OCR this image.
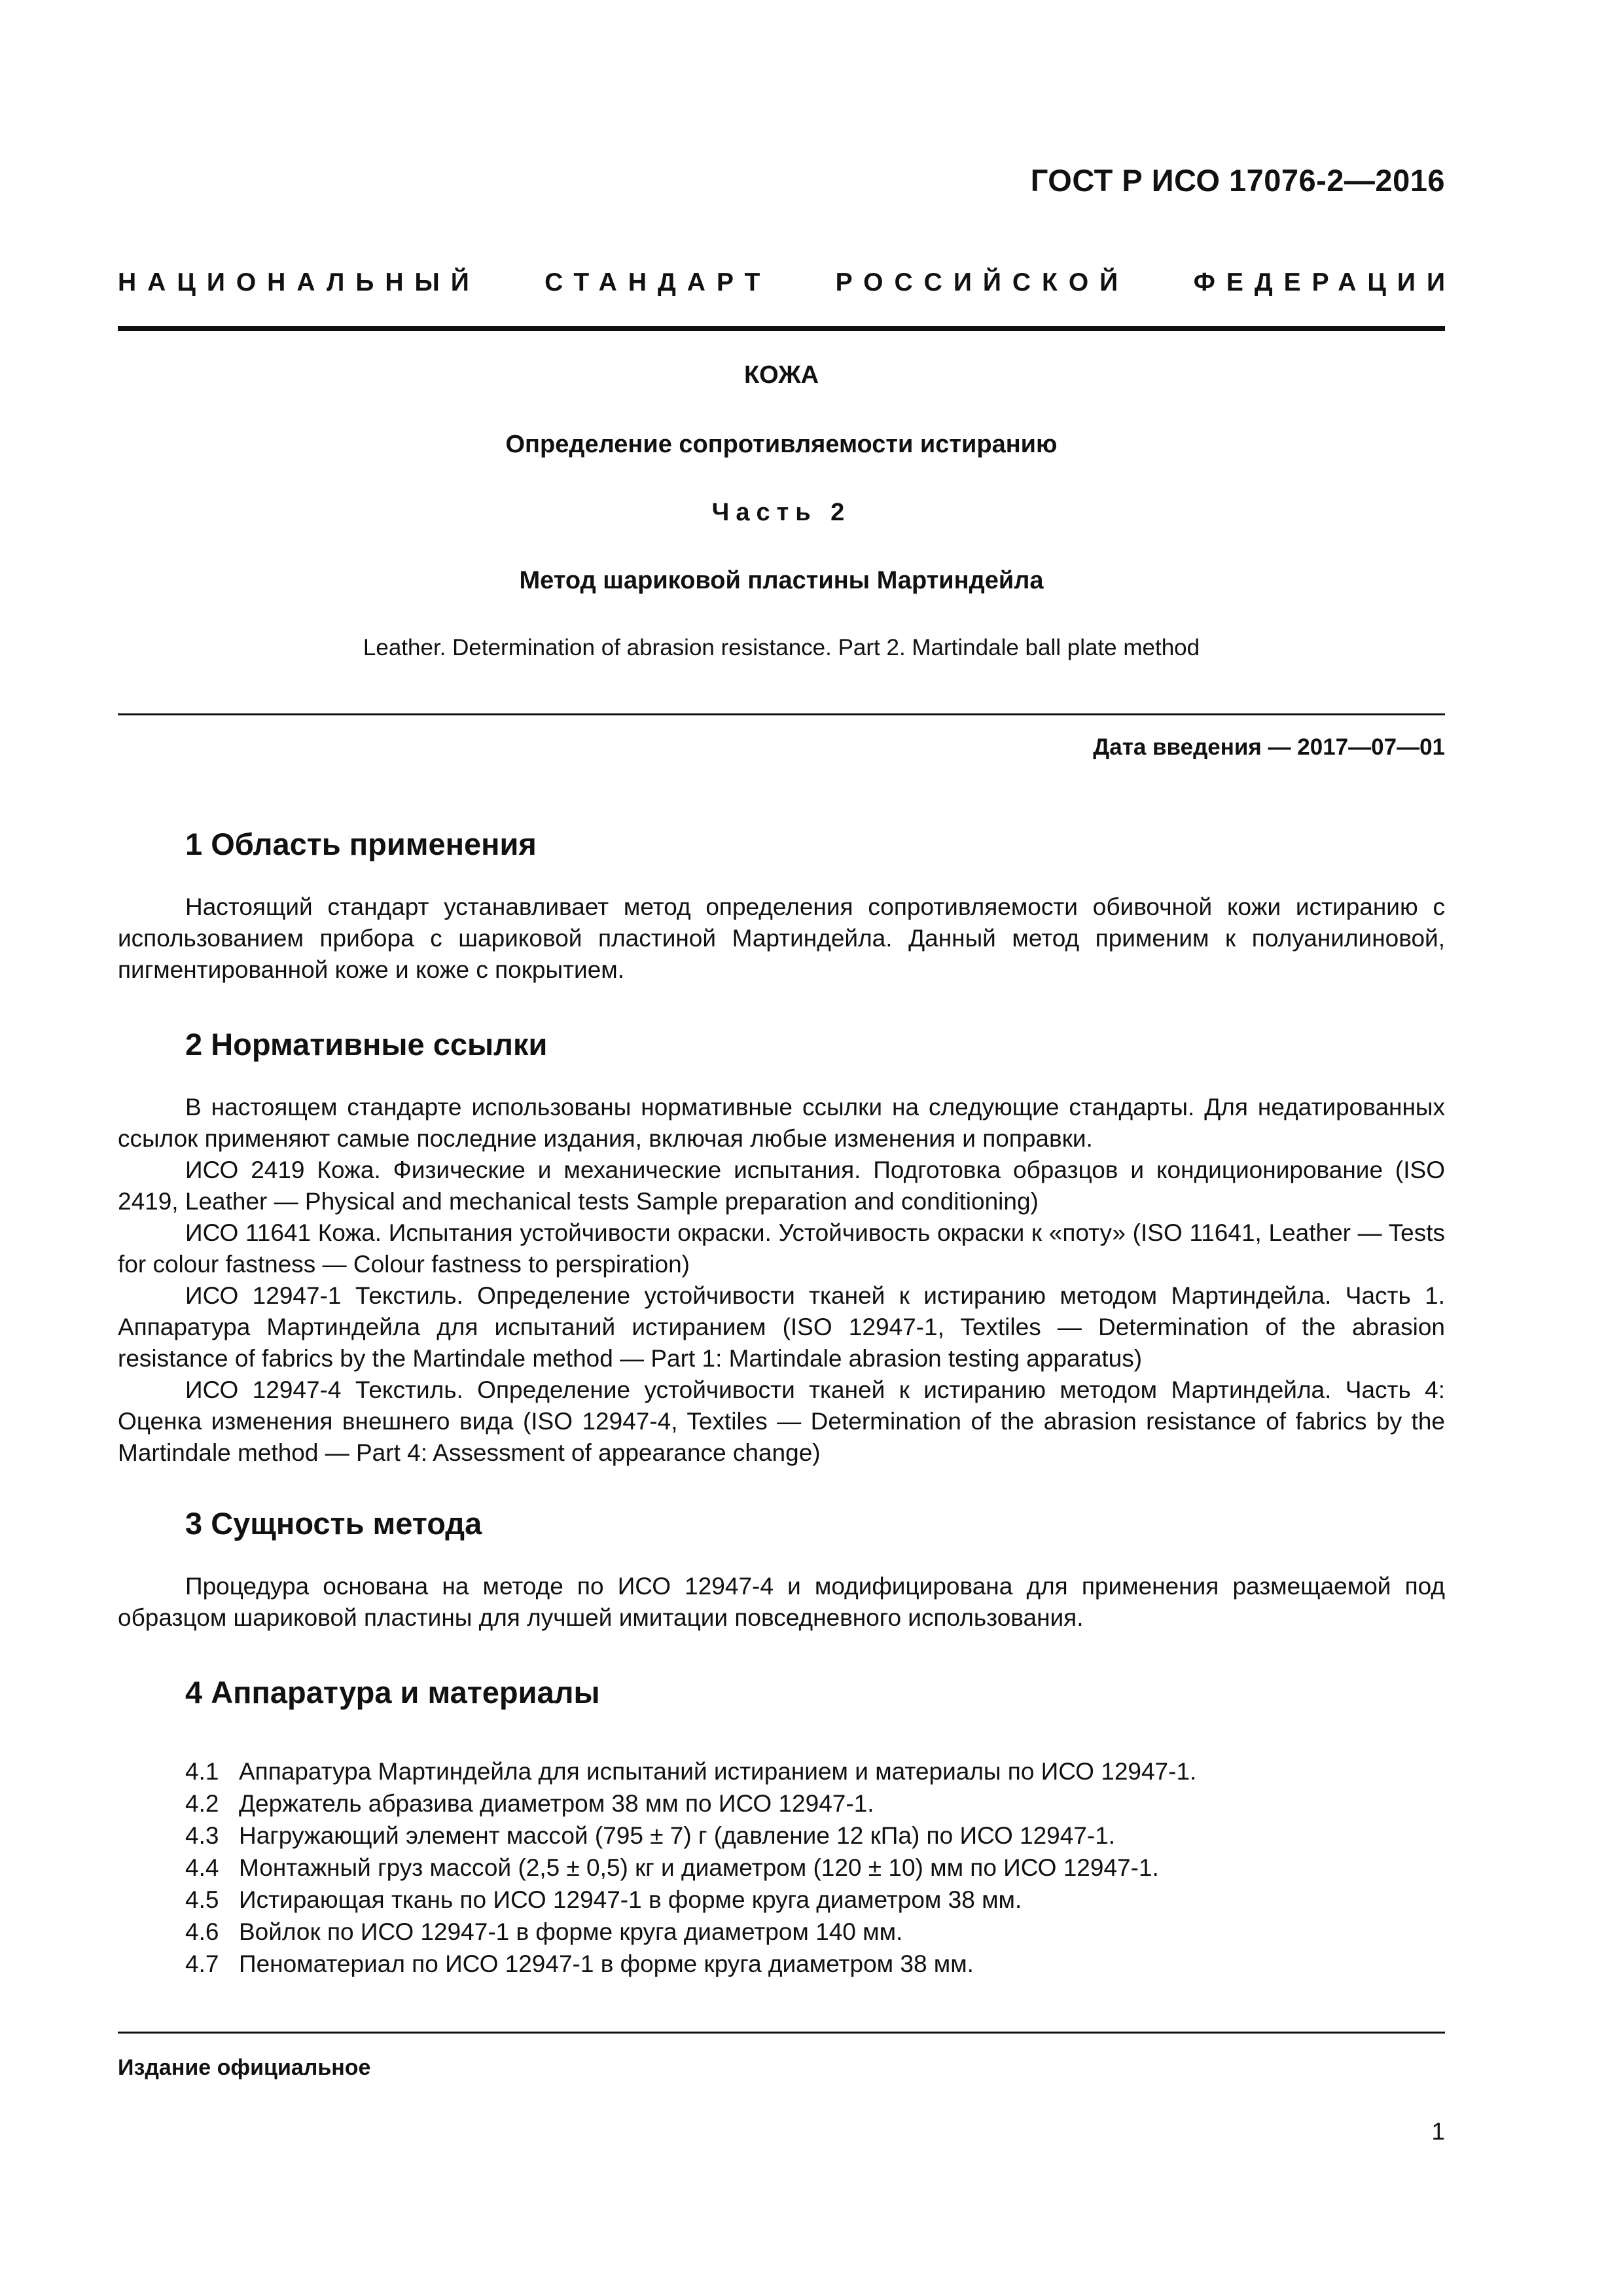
ГОСТ Р ИСО 17076-2—2016
НАЦИОНАЛЬНЫЙ	СТАНДАРТ	РОССИЙСКОЙ	ФЕДЕРАЦИИ
КОЖА
Определение сопротивляемости истиранию
Часть 2
Метод шариковой пластины Мартиндейла
Leather. Determination of abrasion resistance. Part 2. Martindale ball plate method
Дата введения — 2017—07—01
1 Область применения

Настоящий стандарт устанавливает метод определения сопротивляемости обивочной кожи истиранию с использованием прибора с шариковой пластиной Мартиндейла. Данный метод применим к полуанилиновой, пигментированной коже и коже с покрытием.

2 Нормативные ссылки

В настоящем стандарте использованы нормативные ссылки на следующие стандарты. Для недатированных ссылок применяют самые последние издания, включая любые изменения и поправки.

ИСО 2419 Кожа. Физические и механические испытания. Подготовка образцов и кондиционирование (ISO 2419, Leather — Physical and mechanical tests Sample preparation and conditioning)

ИСО 11641 Кожа. Испытания устойчивости окраски. Устойчивость окраски к «поту» (ISO 11641, Leather — Tests for colour fastness — Colour fastness to perspiration)

ИСО 12947-1 Текстиль. Определение устойчивости тканей к истиранию методом Мартиндейла. Часть 1. Аппаратура Мартиндейла для испытаний истиранием (ISO 12947-1, Textiles — Determination of the abrasion resistance of fabrics by the Martindale method — Part 1: Martindale abrasion testing apparatus)

ИСО 12947-4 Текстиль. Определение устойчивости тканей к истиранию методом Мартиндейла. Часть 4: Оценка изменения внешнего вида (ISO 12947-4, Textiles — Determination of the abrasion resistance of fabrics by the Martindale method — Part 4: Assessment of appearance change)

3 Сущность метода

Процедура основана на методе по ИСО 12947-4 и модифицирована для применения размещаемой под образцом шариковой пластины для лучшей имитации повседневного использования.

4 Аппаратура и материалы
4.1 Аппаратура Мартиндейла для испытаний истиранием и материалы по ИСО 12947-1.
4.2 Держатель абразива диаметром 38 мм по ИСО 12947-1.
4.3 Нагружающий элемент массой (795 ± 7) г (давление 12 кПа) по ИСО 12947-1.
4.4 Монтажный груз массой (2,5 ± 0,5) кг и диаметром (120 ± 10) мм по ИСО 12947-1.
4.5 Истирающая ткань по ИСО 12947-1 в форме круга диаметром 38 мм.
4.6 Войлок по ИСО 12947-1 в форме круга диаметром 140 мм.
4.7 Пеноматериал по ИСО 12947-1 в форме круга диаметром 38 мм.
Издание официальное
1
